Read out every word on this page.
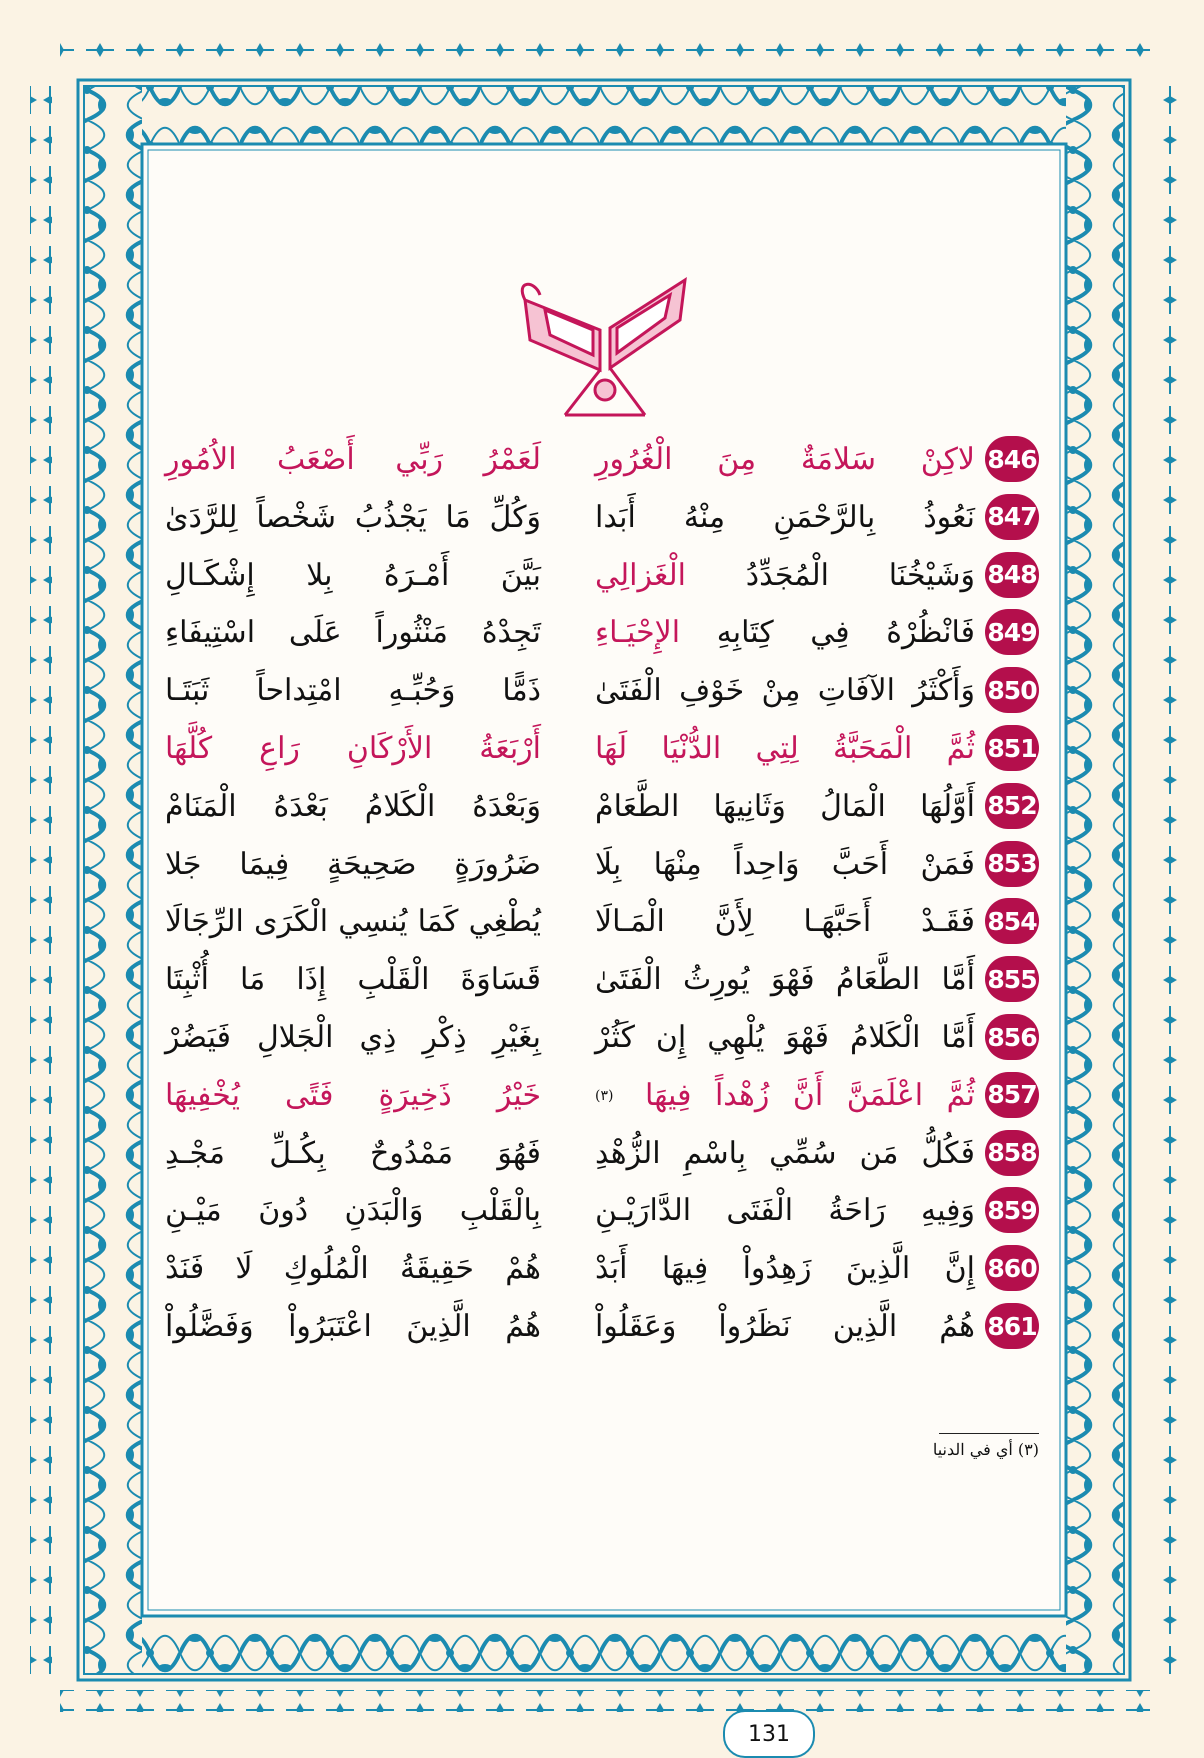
846
لاكِنْ
سَلامَةٌ
مِنَ
الْغُرُورِ
لَعَمْرُ
رَبِّي
أَصْعَبُ
الاُمُورِ
847
نَعُوذُ
بِالرَّحْمَنِ
مِنْهُ
أَبَدا
وَكُلِّ
مَا
يَجْذُبُ
شَخْصاً
لِلرَّدَىٰ
848
وَشَيْخُنَا
الْمُجَدِّدُ
الْغَزالِي
بَيَّنَ
أَمْـرَهُ
بِلا
إِشْكَـالِ
849
فَانْظُرْهُ
فِي
كِتَابِهِ
الإِحْيَـاءِ
تَجِدْهُ
مَنْثُوراً
عَلَى
اسْتِيفَاءِ
850
وَأَكْثَرُ
الآفَاتِ
مِنْ
خَوْفِ
الْفَتَىٰ
ذَمًّا
وَحُبِّـهِ
امْتِداحاً
ثَبَتَـا
851
ثُمَّ
الْمَحَبَّةُ
لِتِي
الدُّنْيَا
لَهَا
أَرْبَعَةُ
الأَرْكَانِ
رَاعِ
كُلَّهَا
852
أَوَّلُهَا
الْمَالُ
وَثَانِيهَا
الطَّعَامْ
وَبَعْدَهُ
الْكَلامُ
بَعْدَهُ
الْمَنَامْ
853
فَمَنْ
أَحَبَّ
وَاحِداً
مِنْهَا
بِلَا
ضَرُورَةٍ
صَحِيحَةٍ
فِيمَا
جَلا
854
فَقَـدْ
أَحَبَّهَـا
لِأَنَّ
الْمَـالَا
يُطْغِي
كَمَا
يُنسِي
الْكَرَى
الرِّجَالَا
855
أَمَّا
الطَّعَامُ
فَهْوَ
يُورِثُ
الْفَتَىٰ
قَسَاوَةَ
الْقَلْبِ
إِذَا
مَا
أُثْبِتَا
856
أَمَّا
الْكَلامُ
فَهْوَ
يُلْهِي
إِن
كَثُرْ
بِغَيْرِ
ذِكْرِ
ذِي
الْجَلالِ
فَيَضُرْ
857
ثُمَّ
اعْلَمَنَّ
أَنَّ
زُهْداً
فِيهَا
(٣)
خَيْرُ
ذَخِيرَةٍ
فَتًى
يُخْفِيهَا
858
فَكُلُّ
مَن
سُمِّي
بِاسْمِ
الزُّهْدِ
فَهُوَ
مَمْدُوحٌ
بِكُـلِّ
مَجْـدِ
859
وَفِيهِ
رَاحَةُ
الْفَتَى
الدَّارَيْـنِ
بِالْقَلْبِ
وَالْبَدَنِ
دُونَ
مَيْـنِ
860
إِنَّ
الَّذِينَ
زَهِدُواْ
فِيهَا
أَبَدْ
هُمْ
حَقِيقَةُ
الْمُلُوكِ
لَا
فَنَدْ
861
هُمُ
الَّذِين
نَظَرُواْ
وَعَقَلُواْ
هُمُ
الَّذِينَ
اعْتَبَرُواْ
وَفَضَّلُواْ
(٣) أي في الدنيا
131
